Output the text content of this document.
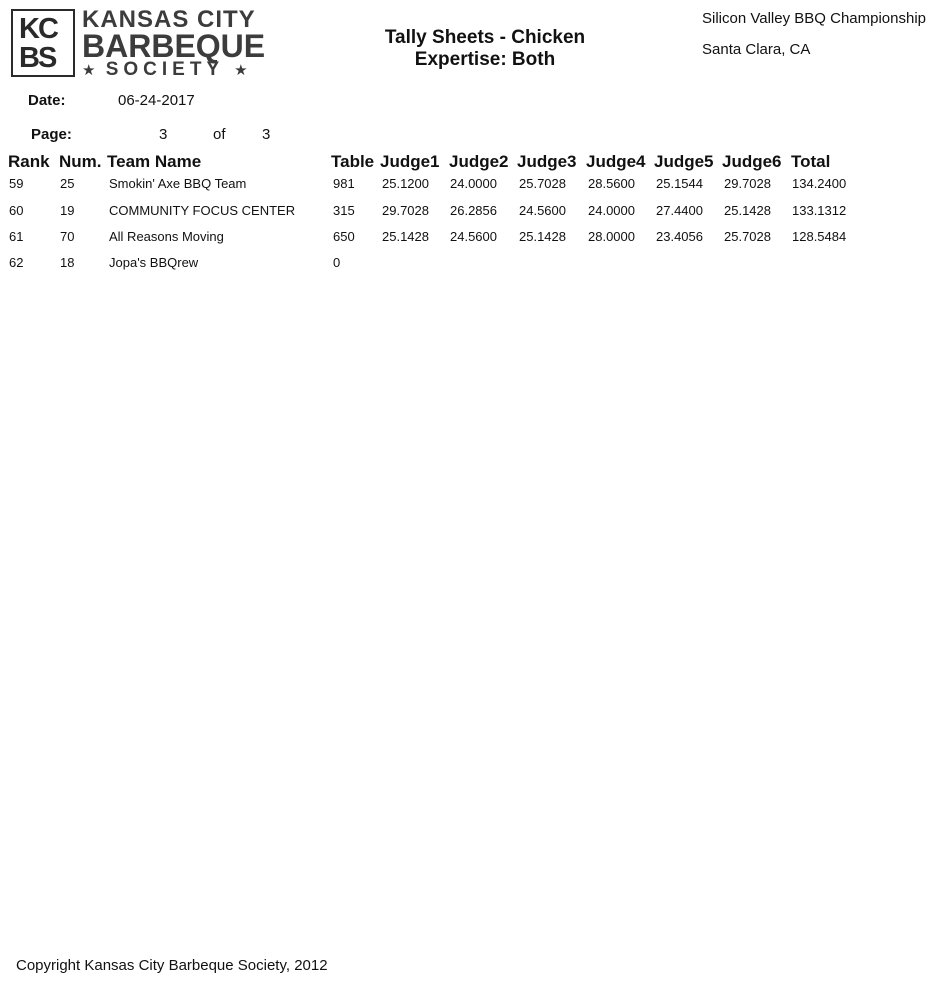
KC
BS
KANSAS CITY
BARBEQUE
★ SOCIETY ★
Tally Sheets - Chicken
Expertise: Both
Silicon Valley BBQ Championship
Santa Clara, CA
Date:	06-24-2017
Page:	3	of 3
Rank Num. Team Name	Table Judge1 Judge2 Judge3 Judge4 Judge5 Judge6 Total
59	25	Smokin' Axe BBQ Team	981 25.1200 24.0000 25.7028 28.5600 25.1544 29.7028 134.2400
60	19	COMMUNITY FOCUS CENTER	315 29.7028 26.2856 24.5600 24.0000 27.4400 25.1428 133.1312
61	70	All Reasons Moving	650 25.1428 24.5600 25.1428 28.0000 23.4056 25.7028 128.5484
62	18	Jopa's BBQrew	0
Copyright Kansas City Barbeque Society, 2012
